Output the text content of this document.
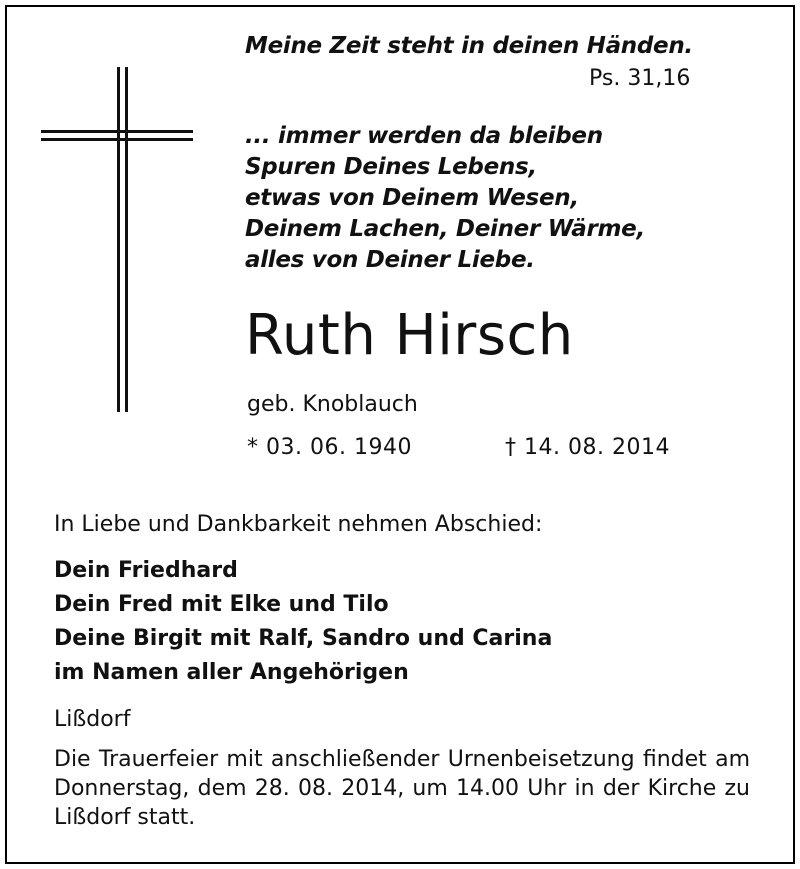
Meine Zeit steht in deinen Händen.
Ps. 31,16
... immer werden da bleiben
Spuren Deines Lebens,
etwas von Deinem Wesen,
Deinem Lachen, Deiner Wärme,
alles von Deiner Liebe.
Ruth Hirsch
geb. Knoblauch
* 03. 06. 1940	† 14. 08. 2014
In Liebe und Dankbarkeit nehmen Abschied:
Dein Friedhard
Dein Fred mit Elke und Tilo
Deine Birgit mit Ralf, Sandro und Carina
im Namen aller Angehörigen
Lißdorf
Die Trauerfeier mit anschließender Urnenbeisetzung findet am Donnerstag, dem 28. 08. 2014, um 14.00 Uhr in der Kirche zu Lißdorf statt.
